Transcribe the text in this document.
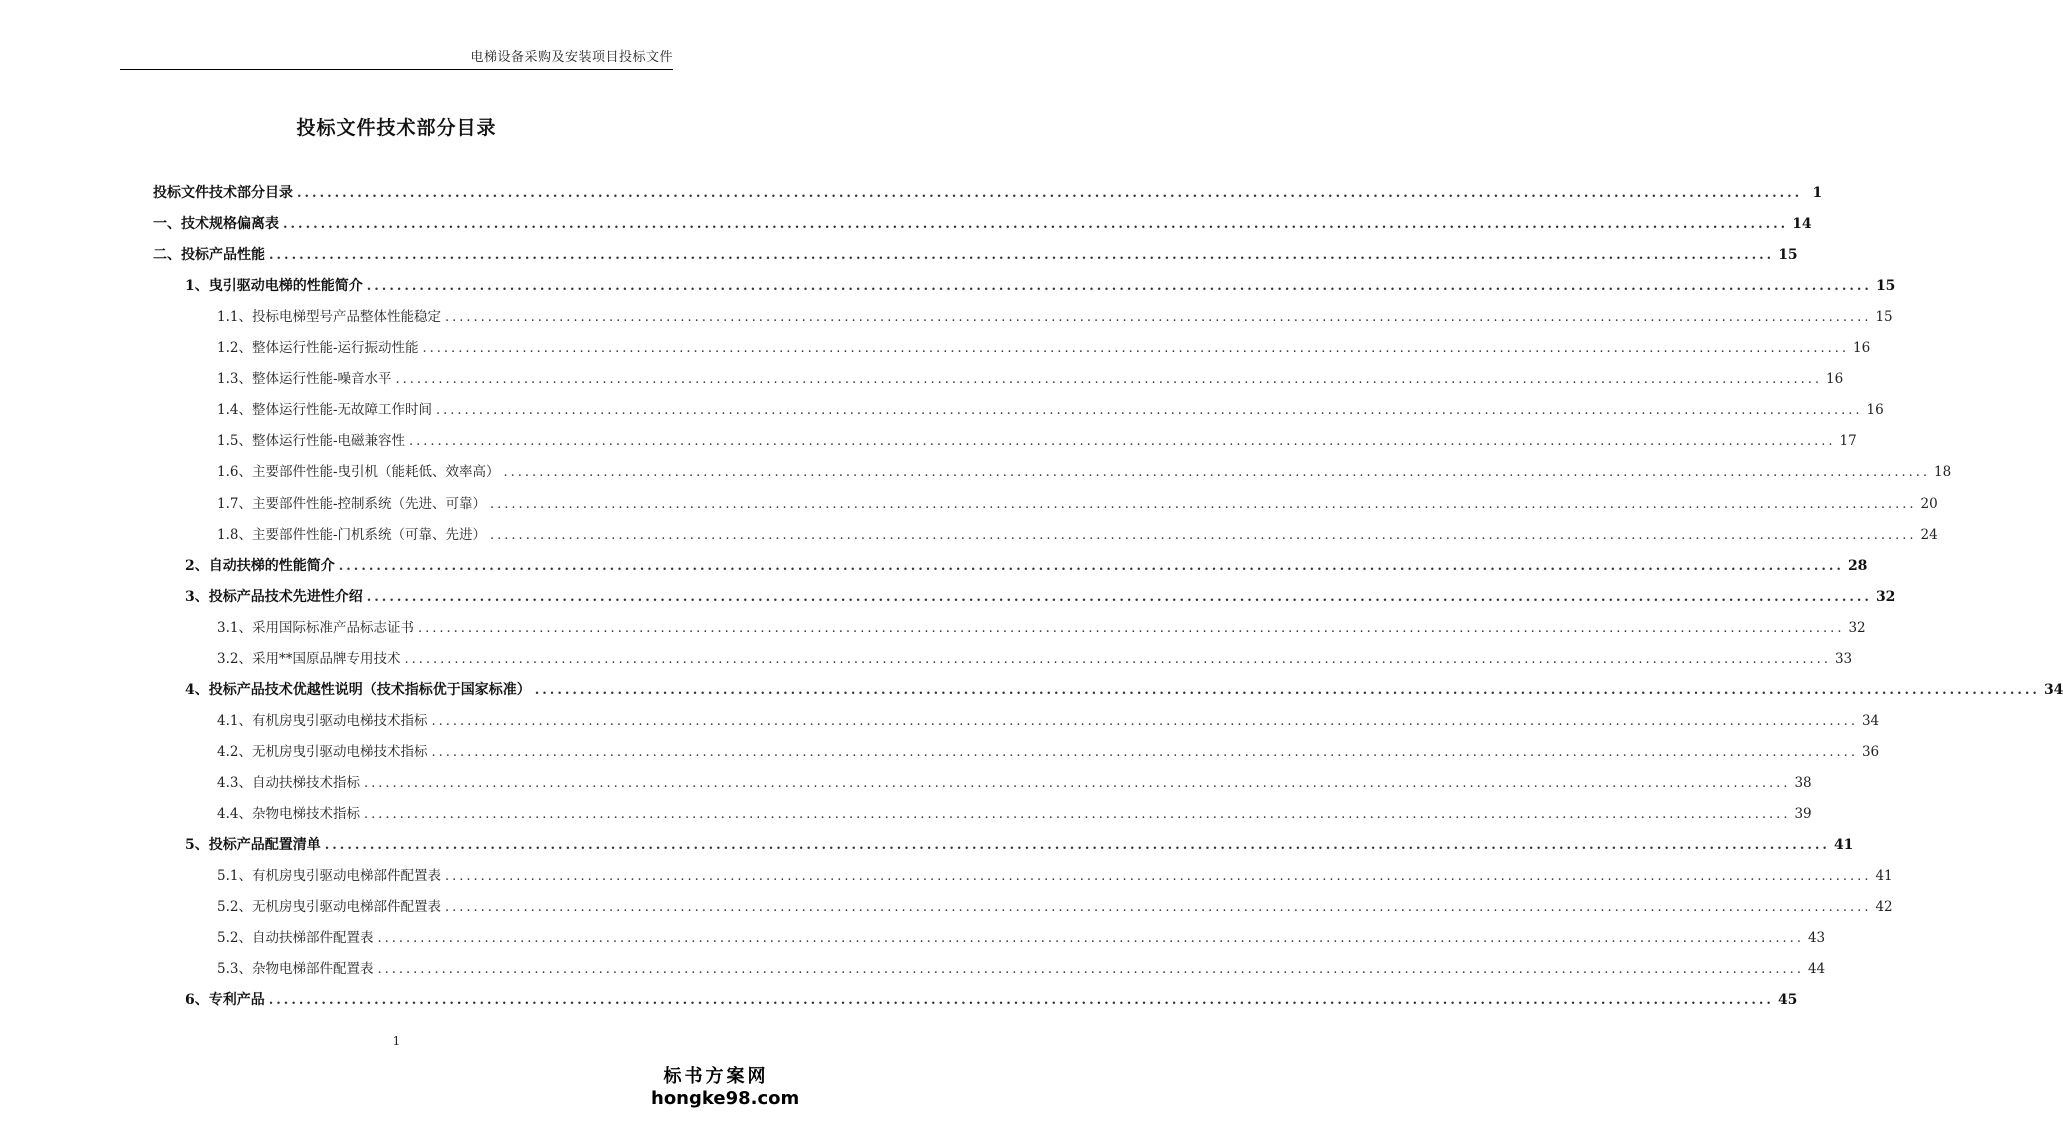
电梯设备采购及安装项目投标文件
投标文件技术部分目录
投标文件技术部分目录 ........................................................................................................................................................................................................ 1
一、技术规格偏离表 ........................................................................................................................................................................................................ 14
二、投标产品性能 ........................................................................................................................................................................................................ 15
1、曳引驱动电梯的性能简介 ........................................................................................................................................................................................................ 15
1.1、投标电梯型号产品整体性能稳定 ........................................................................................................................................................................................................ 15
1.2、整体运行性能-运行振动性能 ........................................................................................................................................................................................................ 16
1.3、整体运行性能-噪音水平 ........................................................................................................................................................................................................ 16
1.4、整体运行性能-无故障工作时间 ........................................................................................................................................................................................................ 16
1.5、整体运行性能-电磁兼容性 ........................................................................................................................................................................................................ 17
1.6、主要部件性能-曳引机（能耗低、效率高） ........................................................................................................................................................................................................ 18
1.7、主要部件性能-控制系统（先进、可靠） ........................................................................................................................................................................................................ 20
1.8、主要部件性能-门机系统（可靠、先进） ........................................................................................................................................................................................................ 24
2、自动扶梯的性能简介 ........................................................................................................................................................................................................ 28
3、投标产品技术先进性介绍 ........................................................................................................................................................................................................ 32
3.1、采用国际标准产品标志证书 ........................................................................................................................................................................................................ 32
3.2、采用**国原品牌专用技术 ........................................................................................................................................................................................................ 33
4、投标产品技术优越性说明（技术指标优于国家标准） ........................................................................................................................................................................................................ 34
4.1、有机房曳引驱动电梯技术指标 ........................................................................................................................................................................................................ 34
4.2、无机房曳引驱动电梯技术指标 ........................................................................................................................................................................................................ 36
4.3、自动扶梯技术指标 ........................................................................................................................................................................................................ 38
4.4、杂物电梯技术指标 ........................................................................................................................................................................................................ 39
5、投标产品配置清单 ........................................................................................................................................................................................................ 41
5.1、有机房曳引驱动电梯部件配置表 ........................................................................................................................................................................................................ 41
5.2、无机房曳引驱动电梯部件配置表 ........................................................................................................................................................................................................ 42
5.2、自动扶梯部件配置表 ........................................................................................................................................................................................................ 43
5.3、杂物电梯部件配置表 ........................................................................................................................................................................................................ 44
6、专利产品 ........................................................................................................................................................................................................ 45
1
标书方案网
hongke98.com
